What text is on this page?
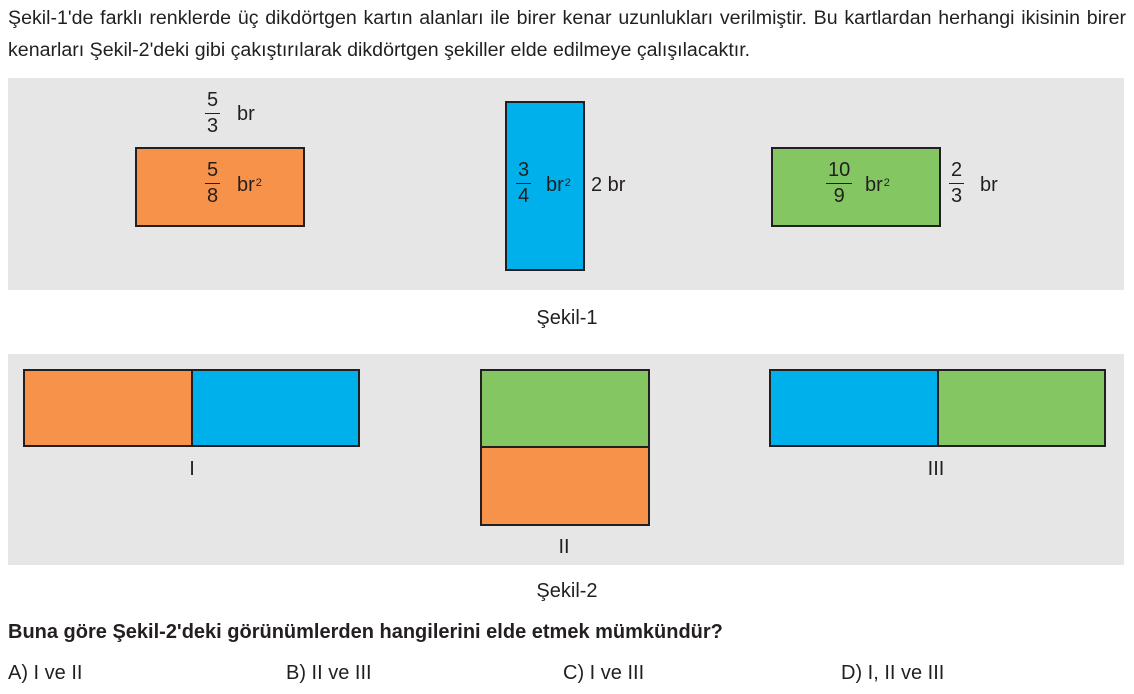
Şekil-1'de farklı renklerde üç dikdörtgen kartın alanları ile birer kenar uzunlukları verilmiştir. Bu kartlardan herhangi ikisinin birer kenarları Şekil-2'deki gibi çakıştırılarak dikdörtgen şekiller elde edilmeye çalışılacaktır.

$\frac{5}{3}$ br
$\frac{5}{8} br^2$	$\frac{3}{4} br^2$ 2 br	$\frac{10}{9} br^2$	$\frac{2}{3}$ br
Şekil-1
I
II
III
Şekil-2

Buna göre Şekil-2'deki görünümlerden hangilerini elde etmek mümkündür?

A) I ve II	B) II ve III	C) I ve III	D) I, II ve III
